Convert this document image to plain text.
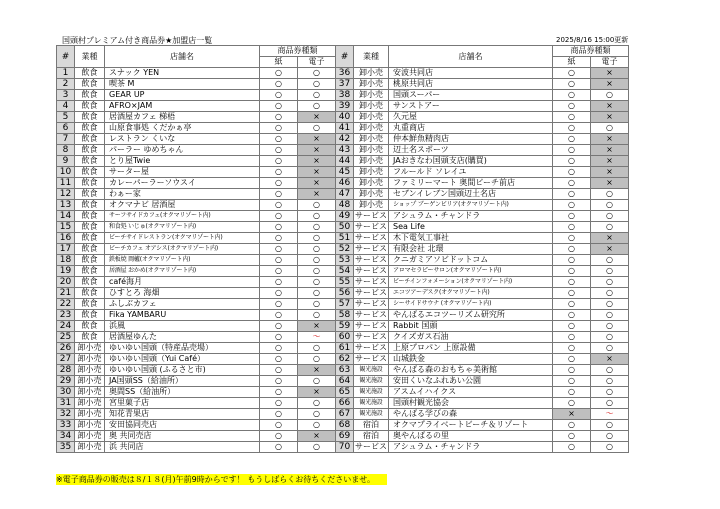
国頭村プレミアム付き商品券★加盟店一覧	2025/8/16 15:00更新
#	業種	店舗名	商品券種類		#	業種	店舗名	商品券種類	
			紙	電子				紙	電子
1	飲食	スナック YEN	○	○	36	卸小売	安波共同店	○	×
2	飲食	喫茶 M	○	○	37	卸小売	桃原共同店	○	×
3	飲食	GEAR UP	○	○	38	卸小売	国頭スーパー	○	○
4	飲食	AFRO×JAM	○	○	39	卸小売	サンストアー	○	×
5	飲食	居酒屋カフェ 梯梧	○	×	40	卸小売	久元屋	○	×
6	飲食	山原食事処 くだかぁ亭	○	○	41	卸小売	丸重商店	○	○
7	飲食	レストラン くいな	○	×	42	卸小売	仲本鮮魚精肉店	○	×
8	飲食	パーラー ゆめちゃん	○	×	43	卸小売	辺土名スポーツ	○	×
9	飲食	とり屋Twie	○	×	44	卸小売	JAおきなわ国頭支店(購買)	○	×
10	飲食	サーター屋	○	×	45	卸小売	フルールド ソレイユ	○	×
11	飲食	カレーパーラーソウスイ	○	×	46	卸小売	ファミリーマート 奥間ビーチ前店	○	×
12	飲食	わぁー家	○	×	47	卸小売	セブンイレブン国頭辺土名店	○	○
13	飲食	オクマナビ 居酒屋	○	○	48	卸小売	ショップ ブーゲンビリア(オクマリゾート内)	○	○
14	飲食	サーフサイドカフェ(オクマリゾート内)	○	○	49	サービス	アシュラム・チャンドラ	○	○
15	飲食	和食処 いじゅ(オクマリゾート内)	○	○	50	サービス	Sea Life	○	○
16	飲食	ビーチサイドレストラン(オクマリゾート内)	○	○	51	サービス	木下電気工事社	○	×
17	飲食	ビーチカフェ オアシス(オクマリゾート内)	○	○	52	サービス	有限会社 北環	○	×
18	飲食	鉄板焼 岡櫨(オクマリゾート内)	○	○	53	サービス	クニガミアソビドットコム	○	○
19	飲食	居酒屋 おかめ(オクマリゾート内)	○	○	54	サービス	アロマセラピーサロン(オクマリゾート内)	○	○
20	飲食	café海月	○	○	55	サービス	ビーチインフォメーション(オクマリゾート内)	○	○
21	飲食	ひすとろ 海畑	○	○	56	サービス	エコツアーデスク(オクマリゾート内)	○	○
22	飲食	ふしぶカフェ	○	○	57	サービス	シーサイドサウナ (オクマリゾート内)	○	○
23	飲食	Fika YAMBARU	○	○	58	サービス	やんばるエコツーリズム研究所	○	○
24	飲食	浜風	○	×	59	サービス	Rabbit 国頭	○	○
25	飲食	居酒屋ゆんた	○	～	60	サービス	クイズガス石油	○	○
26	卸小売	ゆいゆい国頭（特産品売場）	○	○	61	サービス	上原プロパン 上原設備	○	○
27	卸小売	ゆいゆい国頭（Yui Café）	○	○	62	サービス	山城鉄金	○	×
28	卸小売	ゆいゆい国頭 (ふるさと市)	○	×	63	観光施設	やんばる森のおもちゃ美術館	○	○
29	卸小売	JA国頭SS（給油所）	○	○	64	観光施設	安田くいなふれあい公園	○	○
30	卸小売	奥間SS（給油所）	○	×	65	観光施設	アスムイハイクス	○	○
31	卸小売	宮里菓子店	○	○	66	観光施設	国頭村観光協会	○	○
32	卸小売	知花青果店	○	○	67	観光施設	やんばる学びの森	×	～
33	卸小売	安田協同売店	○	○	68	宿泊	オクマプライベートビーチ＆リゾート	○	○
34	卸小売	奥 共同売店	○	×	69	宿泊	奥やんばるの里	○	○
35	卸小売	浜 共同店	○	○	70	サービス	アシュラム・チャンドラ	○	○
※電子商品券の販売は８/１８(月)午前9時からです！ もうしばらくお待ちくださいませ。
